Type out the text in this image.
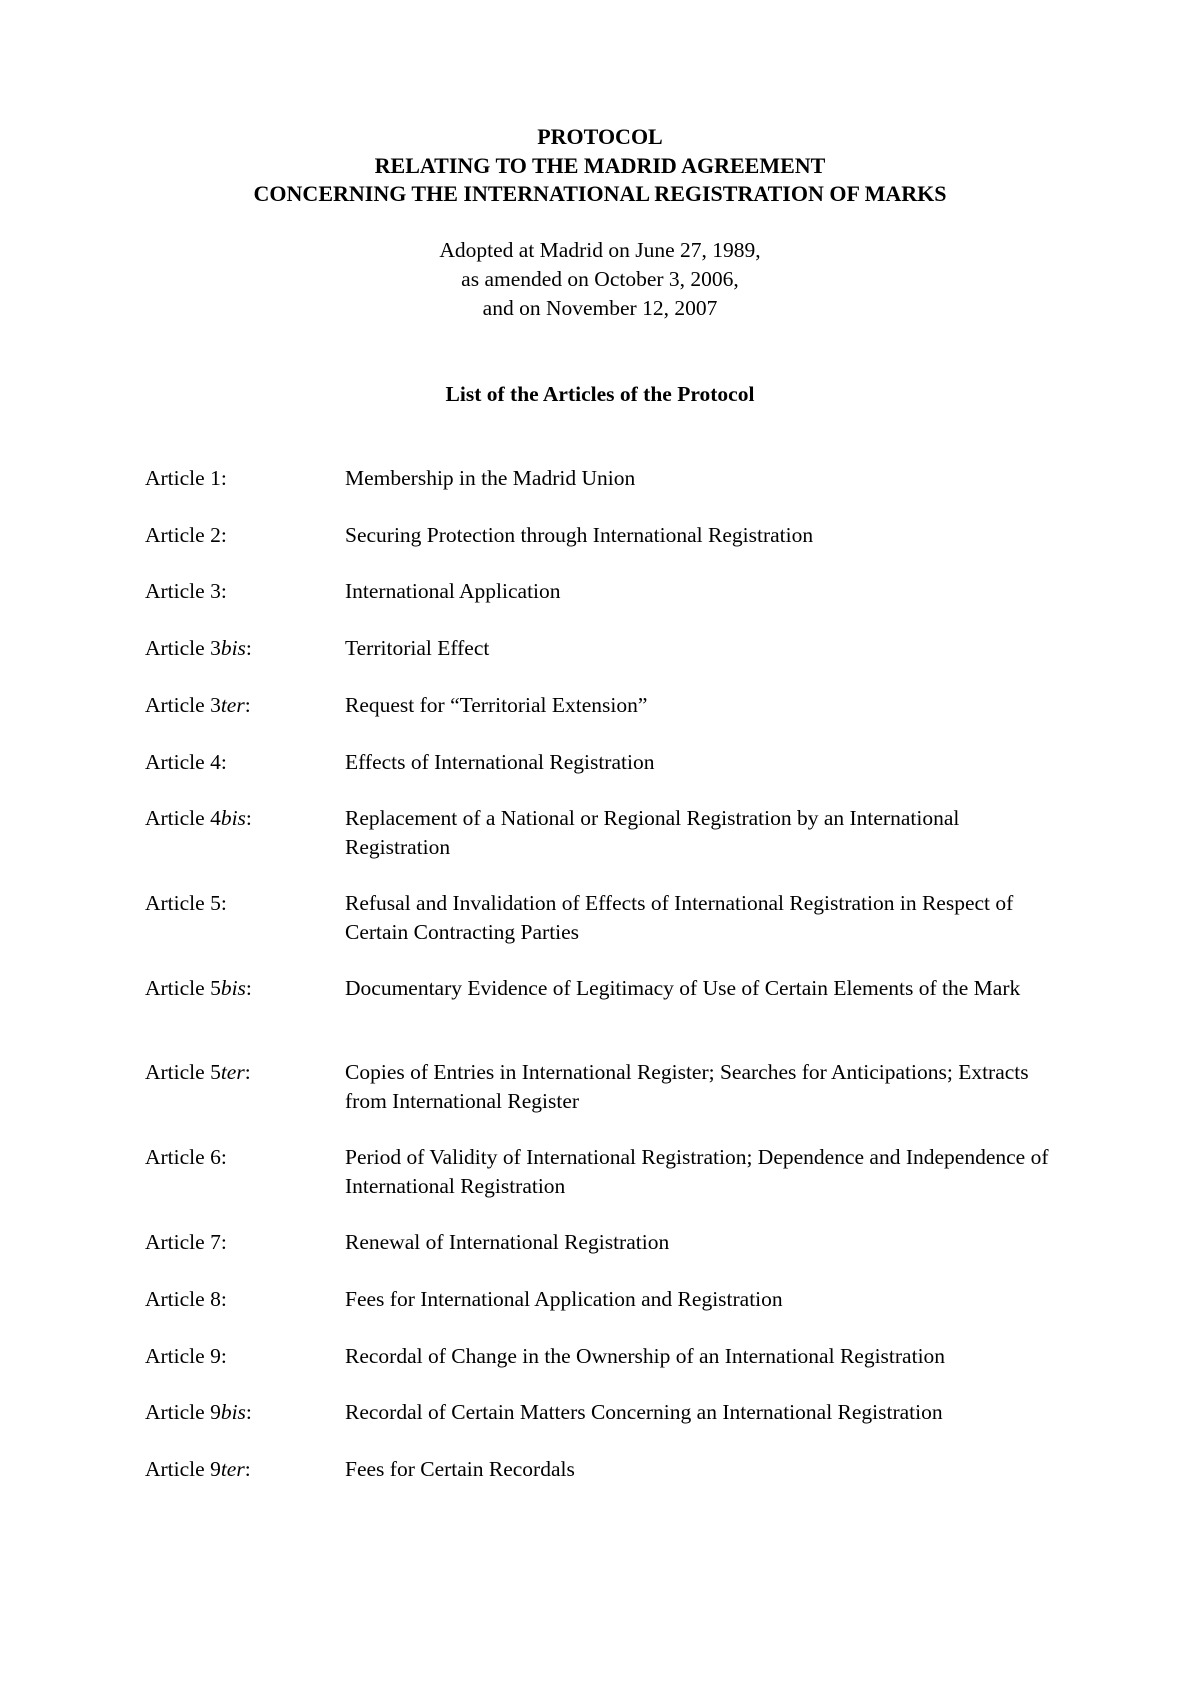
PROTOCOL
RELATING TO THE MADRID AGREEMENT
CONCERNING THE INTERNATIONAL REGISTRATION OF MARKS
Adopted at Madrid on June 27, 1989,
as amended on October 3, 2006,
and on November 12, 2007
List of the Articles of the Protocol
Article 1:	Membership in the Madrid Union
Article 2:	Securing Protection through International Registration
Article 3:	International Application
Article 3bis:	Territorial Effect
Article 3ter:	Request for “Territorial Extension”
Article 4:	Effects of International Registration
Article 4bis:	Replacement of a National or Regional Registration by an International Registration
Article 5:	Refusal and Invalidation of Effects of International Registration in Respect of Certain Contracting Parties
Article 5bis:	Documentary Evidence of Legitimacy of Use of Certain Elements of the Mark
Article 5ter:	Copies of Entries in International Register; Searches for Anticipations; Extracts from International Register
Article 6:	Period of Validity of International Registration; Dependence and Independence of International Registration
Article 7:	Renewal of International Registration
Article 8:	Fees for International Application and Registration
Article 9:	Recordal of Change in the Ownership of an International Registration
Article 9bis:	Recordal of Certain Matters Concerning an International Registration
Article 9ter:	Fees for Certain Recordals
